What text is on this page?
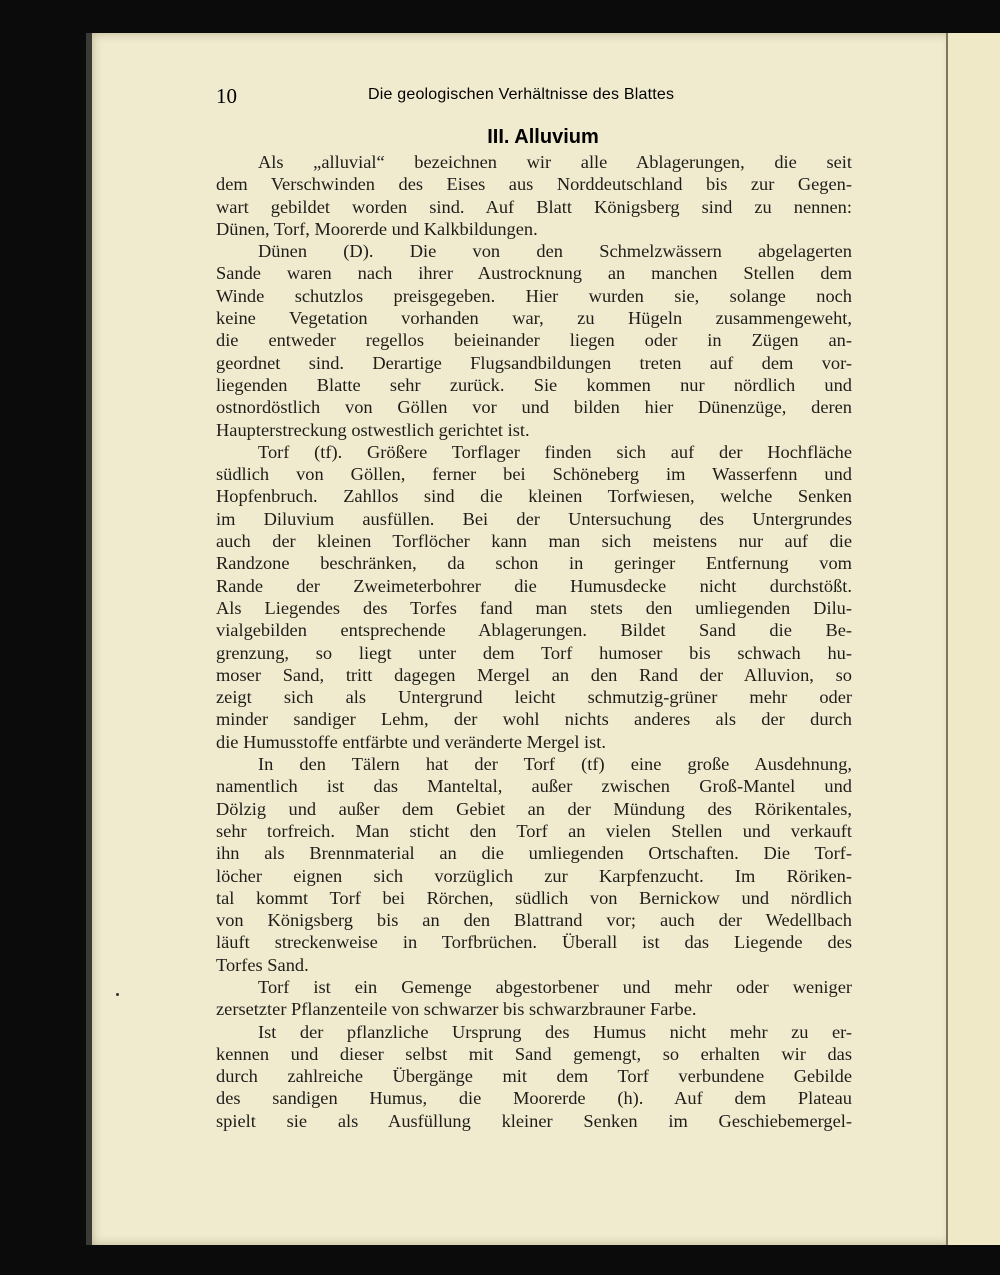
10	Die geologischen Verhältnisse des Blattes
III. Alluvium
Als „alluvial“ bezeichnen wir alle Ablagerungen, die seit
dem Verschwinden des Eises aus Norddeutschland bis zur Gegen-
wart gebildet worden sind. Auf Blatt Königsberg sind zu nennen:
Dünen, Torf, Moorerde und Kalkbildungen.
Dünen (D). Die von den Schmelzwässern abgelagerten
Sande waren nach ihrer Austrocknung an manchen Stellen dem
Winde schutzlos preisgegeben. Hier wurden sie, solange noch
keine Vegetation vorhanden war, zu Hügeln zusammengeweht,
die entweder regellos beieinander liegen oder in Zügen an-
geordnet sind. Derartige Flugsandbildungen treten auf dem vor-
liegenden Blatte sehr zurück. Sie kommen nur nördlich und
ostnordöstlich von Göllen vor und bilden hier Dünenzüge, deren
Haupterstreckung ostwestlich gerichtet ist.
Torf (tf). Größere Torflager finden sich auf der Hochfläche
südlich von Göllen, ferner bei Schöneberg im Wasserfenn und
Hopfenbruch. Zahllos sind die kleinen Torfwiesen, welche Senken
im Diluvium ausfüllen. Bei der Untersuchung des Untergrundes
auch der kleinen Torflöcher kann man sich meistens nur auf die
Randzone beschränken, da schon in geringer Entfernung vom
Rande der Zweimeterbohrer die Humusdecke nicht durchstößt.
Als Liegendes des Torfes fand man stets den umliegenden Dilu-
vialgebilden entsprechende Ablagerungen. Bildet Sand die Be-
grenzung, so liegt unter dem Torf humoser bis schwach hu-
moser Sand, tritt dagegen Mergel an den Rand der Alluvion, so
zeigt sich als Untergrund leicht schmutzig-grüner mehr oder
minder sandiger Lehm, der wohl nichts anderes als der durch
die Humusstoffe entfärbte und veränderte Mergel ist.
In den Tälern hat der Torf (tf) eine große Ausdehnung,
namentlich ist das Manteltal, außer zwischen Groß-Mantel und
Dölzig und außer dem Gebiet an der Mündung des Rörikentales,
sehr torfreich. Man sticht den Torf an vielen Stellen und verkauft
ihn als Brennmaterial an die umliegenden Ortschaften. Die Torf-
löcher eignen sich vorzüglich zur Karpfenzucht. Im Röriken-
tal kommt Torf bei Rörchen, südlich von Bernickow und nördlich
von Königsberg bis an den Blattrand vor; auch der Wedellbach
läuft streckenweise in Torfbrüchen. Überall ist das Liegende des
Torfes Sand.
Torf ist ein Gemenge abgestorbener und mehr oder weniger
zersetzter Pflanzenteile von schwarzer bis schwarzbrauner Farbe.
Ist der pflanzliche Ursprung des Humus nicht mehr zu er-
kennen und dieser selbst mit Sand gemengt, so erhalten wir das
durch zahlreiche Übergänge mit dem Torf verbundene Gebilde
des sandigen Humus, die Moorerde (h). Auf dem Plateau
spielt sie als Ausfüllung kleiner Senken im Geschiebemergel-
